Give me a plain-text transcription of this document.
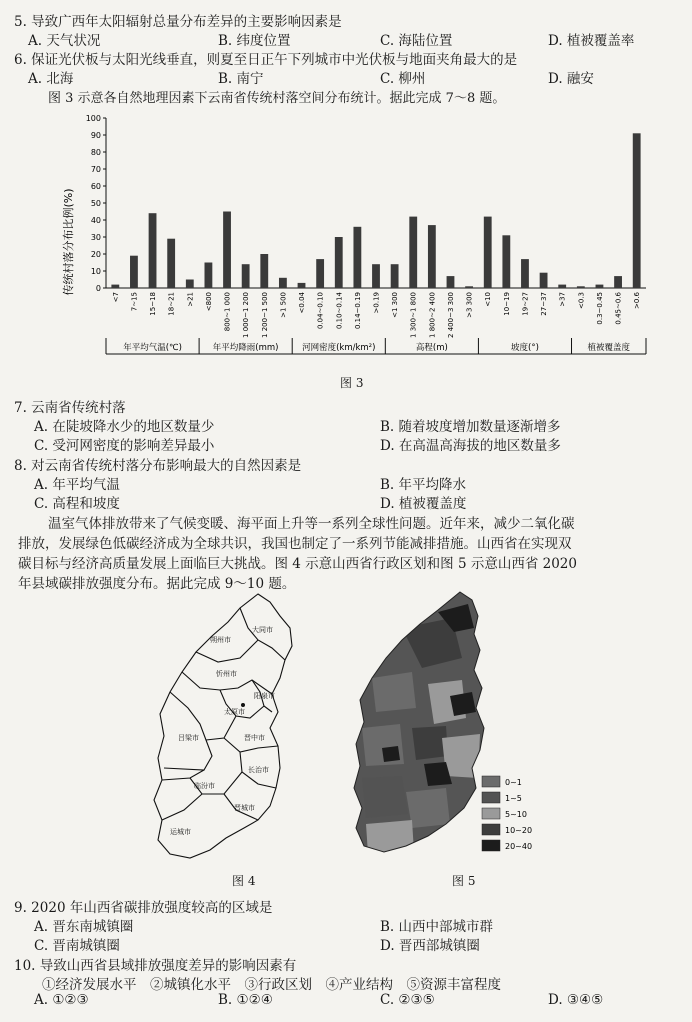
5. 导致广西年太阳辐射总量分布差异的主要影响因素是
A. 天气状况	B. 纬度位置	C. 海陆位置	D. 植被覆盖率
6. 保证光伏板与太阳光线垂直，则夏至日正午下列城市中光伏板与地面夹角最大的是
A. 北海	B. 南宁	C. 柳州	D. 融安
图 3 示意各自然地理因素下云南省传统村落空间分布统计。据此完成 7～8 题。
传统村落分布比例(%)	0
10
20
30
40
50
60
70
80
90
100
<7 7~15 15~18 18~21 >21
年平均气温(℃)
<800 800~1 000 1 000~1 200 1 200~1 500 >1 500
年平均降雨(mm)
<0.04 0.04~0.10 0.10~0.14 0.14~0.19 >0.19
河网密度(km/km²)
<1 300 1 300~1 800 1 800~2 400 2 400~3 300 >3 300
高程(m)
<10 10~19 19~27 27~37 >37
坡度(°)
<0.3 0.3~0.45 0.45~0.6 >0.6
植被覆盖度
图 3
7. 云南省传统村落
A. 在陡坡降水少的地区数量少	B. 随着坡度增加数量逐渐增多
C. 受河网密度的影响差异最小	D. 在高温高海拔的地区数量多
8. 对云南省传统村落分布影响最大的自然因素是
A. 年平均气温	B. 年平均降水
C. 高程和坡度	D. 植被覆盖度
温室气体排放带来了气候变暖、海平面上升等一系列全球性问题。近年来，减少二氧化碳
排放，发展绿色低碳经济成为全球共识，我国也制定了一系列节能减排措施。山西省在实现双
碳目标与经济高质量发展上面临巨大挑战。图 4 示意山西省行政区划和图 5 示意山西省 2020
年县域碳排放强度分布。据此完成 9～10 题。
大同市
朔州市
忻州市
阳泉市
太原市
吕梁市	晋中市
长治市
临汾市
晋城市
运城市
图 4
0~1
1~5
5~10
10~20
20~40
图 5
9. 2020 年山西省碳排放强度较高的区域是
A. 晋东南城镇圈	B. 山西中部城市群
C. 晋南城镇圈	D. 晋西部城镇圈
10. 导致山西省县域排放强度差异的影响因素有
①经济发展水平　②城镇化水平　③行政区划　④产业结构　⑤资源丰富程度
A. ①②③	B. ①②④	C. ②③⑤	D. ③④⑤
